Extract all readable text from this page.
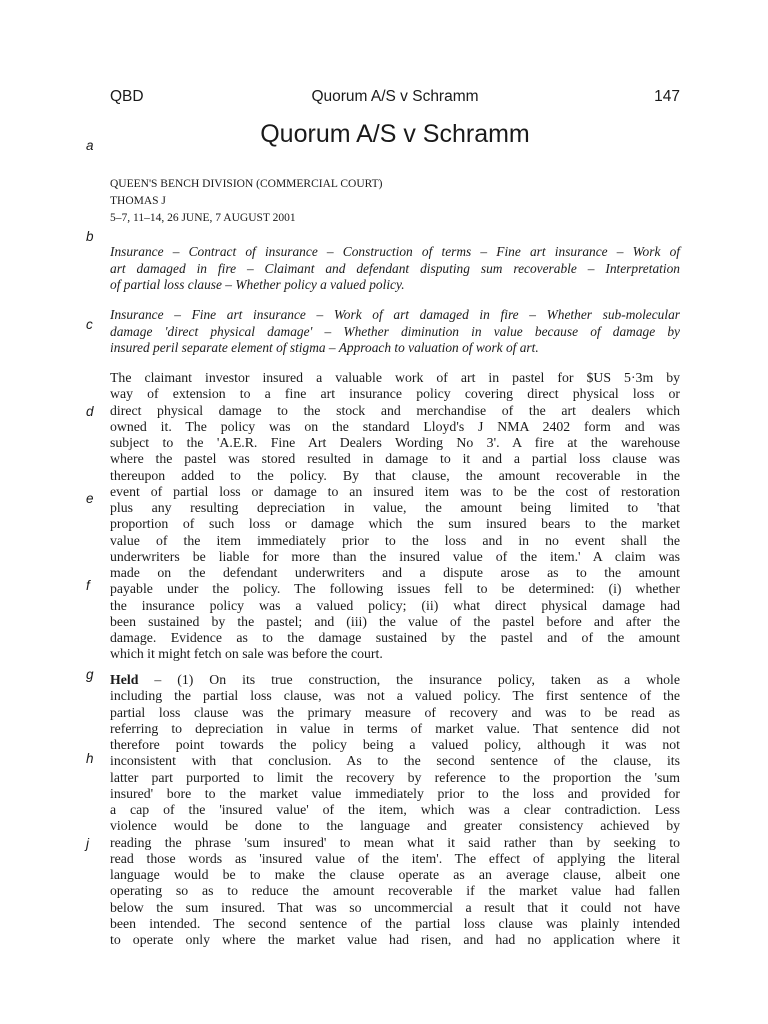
QBD	Quorum A/S v Schramm	147
Quorum A/S v Schramm
QUEEN'S BENCH DIVISION (COMMERCIAL COURT)
THOMAS J
5–7, 11–14, 26 JUNE, 7 AUGUST 2001
a
b
c
d
e
f
g
h
j

Insurance – Contract of insurance – Construction of terms – Fine art insurance – Work of
art damaged in fire – Claimant and defendant disputing sum recoverable – Interpretation
of partial loss clause – Whether policy a valued policy.

Insurance – Fine art insurance – Work of art damaged in fire – Whether sub-molecular
damage 'direct physical damage' – Whether diminution in value because of damage by
insured peril separate element of stigma – Approach to valuation of work of art.

The claimant investor insured a valuable work of art in pastel for $US 5·3m by
way of extension to a fine art insurance policy covering direct physical loss or
direct physical damage to the stock and merchandise of the art dealers which
owned it. The policy was on the standard Lloyd's J NMA 2402 form and was
subject to the 'A.E.R. Fine Art Dealers Wording No 3'. A fire at the warehouse
where the pastel was stored resulted in damage to it and a partial loss clause was
thereupon added to the policy. By that clause, the amount recoverable in the
event of partial loss or damage to an insured item was to be the cost of restoration
plus any resulting depreciation in value, the amount being limited to 'that
proportion of such loss or damage which the sum insured bears to the market
value of the item immediately prior to the loss and in no event shall the
underwriters be liable for more than the insured value of the item.' A claim was
made on the defendant underwriters and a dispute arose as to the amount
payable under the policy. The following issues fell to be determined: (i) whether
the insurance policy was a valued policy; (ii) what direct physical damage had
been sustained by the pastel; and (iii) the value of the pastel before and after the
damage. Evidence as to the damage sustained by the pastel and of the amount
which it might fetch on sale was before the court.

Held – (1) On its true construction, the insurance policy, taken as a whole
including the partial loss clause, was not a valued policy. The first sentence of the
partial loss clause was the primary measure of recovery and was to be read as
referring to depreciation in value in terms of market value. That sentence did not
therefore point towards the policy being a valued policy, although it was not
inconsistent with that conclusion. As to the second sentence of the clause, its
latter part purported to limit the recovery by reference to the proportion the 'sum
insured' bore to the market value immediately prior to the loss and provided for
a cap of the 'insured value' of the item, which was a clear contradiction. Less
violence would be done to the language and greater consistency achieved by
reading the phrase 'sum insured' to mean what it said rather than by seeking to
read those words as 'insured value of the item'. The effect of applying the literal
language would be to make the clause operate as an average clause, albeit one
operating so as to reduce the amount recoverable if the market value had fallen
below the sum insured. That was so uncommercial a result that it could not have
been intended. The second sentence of the partial loss clause was plainly intended
to operate only where the market value had risen, and had no application where it
